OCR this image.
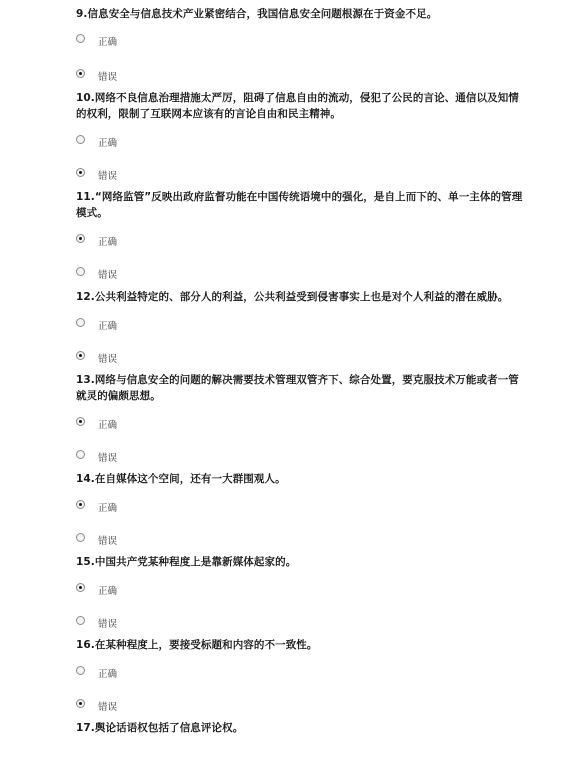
9.信息安全与信息技术产业紧密结合，我国信息安全问题根源在于资金不足。

正确
错误

10.网络不良信息治理措施太严厉，阻碍了信息自由的流动，侵犯了公民的言论、通信以及知情的权利，限制了互联网本应该有的言论自由和民主精神。

正确
错误

11.“网络监管”反映出政府监督功能在中国传统语境中的强化，是自上而下的、单一主体的管理模式。

正确
错误

12.公共利益特定的、部分人的利益，公共利益受到侵害事实上也是对个人利益的潜在威胁。

正确
错误

13.网络与信息安全的问题的解决需要技术管理双管齐下、综合处置，要克服技术万能或者一管就灵的偏颇思想。

正确
错误

14.在自媒体这个空间，还有一大群围观人。

正确
错误

15.中国共产党某种程度上是靠新媒体起家的。

正确
错误

16.在某种程度上，要接受标题和内容的不一致性。

正确
错误

17.舆论话语权包括了信息评论权。
